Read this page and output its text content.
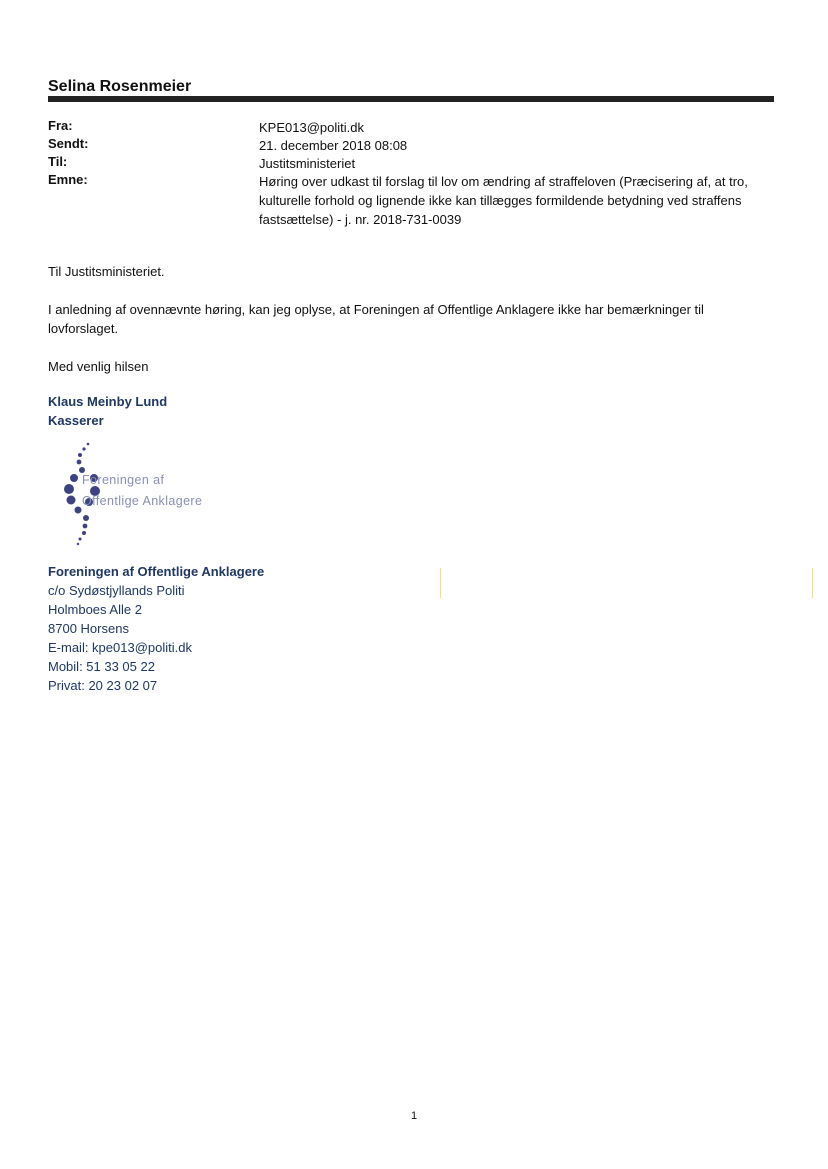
Selina Rosenmeier
Fra:	KPE013@politi.dk
Sendt:	21. december 2018 08:08
Til:	Justitsministeriet
Emne:	Høring over udkast til forslag til lov om ændring af straffeloven (Præcisering af, at tro, kulturelle forhold og lignende ikke kan tillægges formildende betydning ved straffens fastsættelse) - j. nr. 2018-731-0039
Til Justitsministeriet.
I anledning af ovennævnte høring, kan jeg oplyse, at Foreningen af Offentlige Anklagere ikke har bemærkninger til lovforslaget.
Med venlig hilsen
Klaus Meinby Lund
Kasserer
Foreningen af
Offentlige Anklagere
Foreningen af Offentlige Anklagere
c/o Sydøstjyllands Politi
Holmboes Alle 2
8700 Horsens
E-mail: kpe013@politi.dk
Mobil: 51 33 05 22
Privat: 20 23 02 07
1
